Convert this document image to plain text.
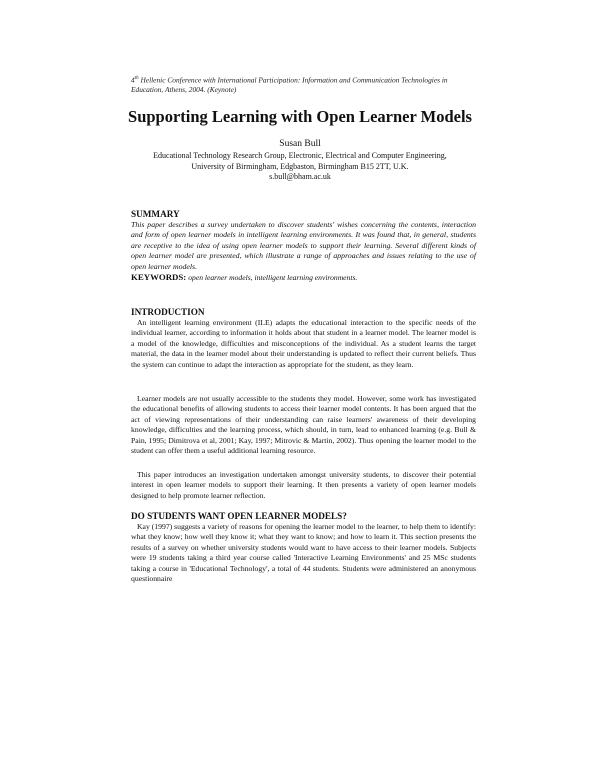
4th Hellenic Conference with International Participation: Information and Communication Technologies in Education, Athens, 2004. (Keynote)
Supporting Learning with Open Learner Models
Susan Bull
Educational Technology Research Group, Electronic, Electrical and Computer Engineering,
University of Birmingham, Edgbaston, Birmingham B15 2TT, U.K.
s.bull@bham.ac.uk
SUMMARY
This paper describes a survey undertaken to discover students' wishes concerning the contents, interaction and form of open learner models in intelligent learning environments. It was found that, in general, students are receptive to the idea of using open learner models to support their learning. Several different kinds of open learner model are presented, which illustrate a range of approaches and issues relating to the use of open learner models.
KEYWORDS: open learner models, intelligent learning environments.
INTRODUCTION
An intelligent learning environment (ILE) adapts the educational interaction to the specific needs of the individual learner, according to information it holds about that student in a learner model. The learner model is a model of the knowledge, difficulties and misconceptions of the individual. As a student learns the target material, the data in the learner model about their understanding is updated to reflect their current beliefs. Thus the system can continue to adapt the interaction as appropriate for the student, as they learn.
Learner models are not usually accessible to the students they model. However, some work has investigated the educational benefits of allowing students to access their learner model contents. It has been argued that the act of viewing representations of their understanding can raise learners' awareness of their developing knowledge, difficulties and the learning process, which should, in turn, lead to enhanced learning (e.g. Bull & Pain, 1995; Dimitrova et al, 2001; Kay, 1997; Mitrovic & Martin, 2002). Thus opening the learner model to the student can offer them a useful additional learning resource.
This paper introduces an investigation undertaken amongst university students, to discover their potential interest in open learner models to support their learning. It then presents a variety of open learner models designed to help promote learner reflection.
DO STUDENTS WANT OPEN LEARNER MODELS?
Kay (1997) suggests a variety of reasons for opening the learner model to the learner, to help them to identify: what they know; how well they know it; what they want to know; and how to learn it. This section presents the results of a survey on whether university students would want to have access to their learner models. Subjects were 19 students taking a third year course called 'Interactive Learning Environments' and 25 MSc students taking a course in 'Educational Technology', a total of 44 students. Students were administered an anonymous questionnaire
